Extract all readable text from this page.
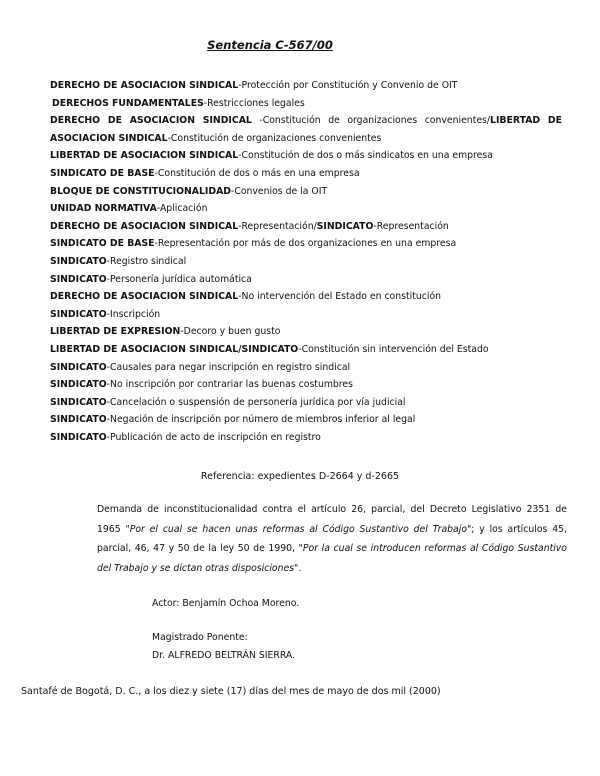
Sentencia C-567/00

DERECHO DE ASOCIACION SINDICAL-Protección por Constitución y Convenio de OIT

DERECHOS FUNDAMENTALES-Restricciones legales

DERECHO DE ASOCIACION SINDICAL -Constitución de organizaciones convenientes/LIBERTAD DE ASOCIACION SINDICAL-Constitución de organizaciones convenientes

LIBERTAD DE ASOCIACION SINDICAL-Constitución de dos o más sindicatos en una empresa

SINDICATO DE BASE-Constitución de dos o más en una empresa

BLOQUE DE CONSTITUCIONALIDAD-Convenios de la OIT

UNIDAD NORMATIVA-Aplicación

DERECHO DE ASOCIACION SINDICAL-Representación/SINDICATO-Representación

SINDICATO DE BASE-Representación por más de dos organizaciones en una empresa

SINDICATO-Registro sindical

SINDICATO-Personería jurídica automática

DERECHO DE ASOCIACION SINDICAL-No intervención del Estado en constitución

SINDICATO-Inscripción

LIBERTAD DE EXPRESION-Decoro y buen gusto

LIBERTAD DE ASOCIACION SINDICAL/SINDICATO-Constitución sin intervención del Estado

SINDICATO-Causales para negar inscripción en registro sindical

SINDICATO-No inscripción por contrariar las buenas costumbres

SINDICATO-Cancelación o suspensión de personería jurídica por vía judicial

SINDICATO-Negación de inscripción por número de miembros inferior al legal

SINDICATO-Publicación de acto de inscripción en registro

Referencia: expedientes D-2664 y d-2665

Demanda de inconstitucionalidad contra el artículo 26, parcial, del Decreto Legislativo 2351 de 1965 "Por el cual se hacen unas reformas al Código Sustantivo del Trabajo"; y los artículos 45, parcial, 46, 47 y 50 de la ley 50 de 1990, "Por la cual se introducen reformas al Código Sustantivo del Trabajo y se dictan otras disposiciones".

Actor: Benjamín Ochoa Moreno.
Magistrado Ponente:
Dr. ALFREDO BELTRÁN SIERRA.
Santafé de Bogotá, D. C., a los diez y siete (17) días del mes de mayo de dos mil (2000)
